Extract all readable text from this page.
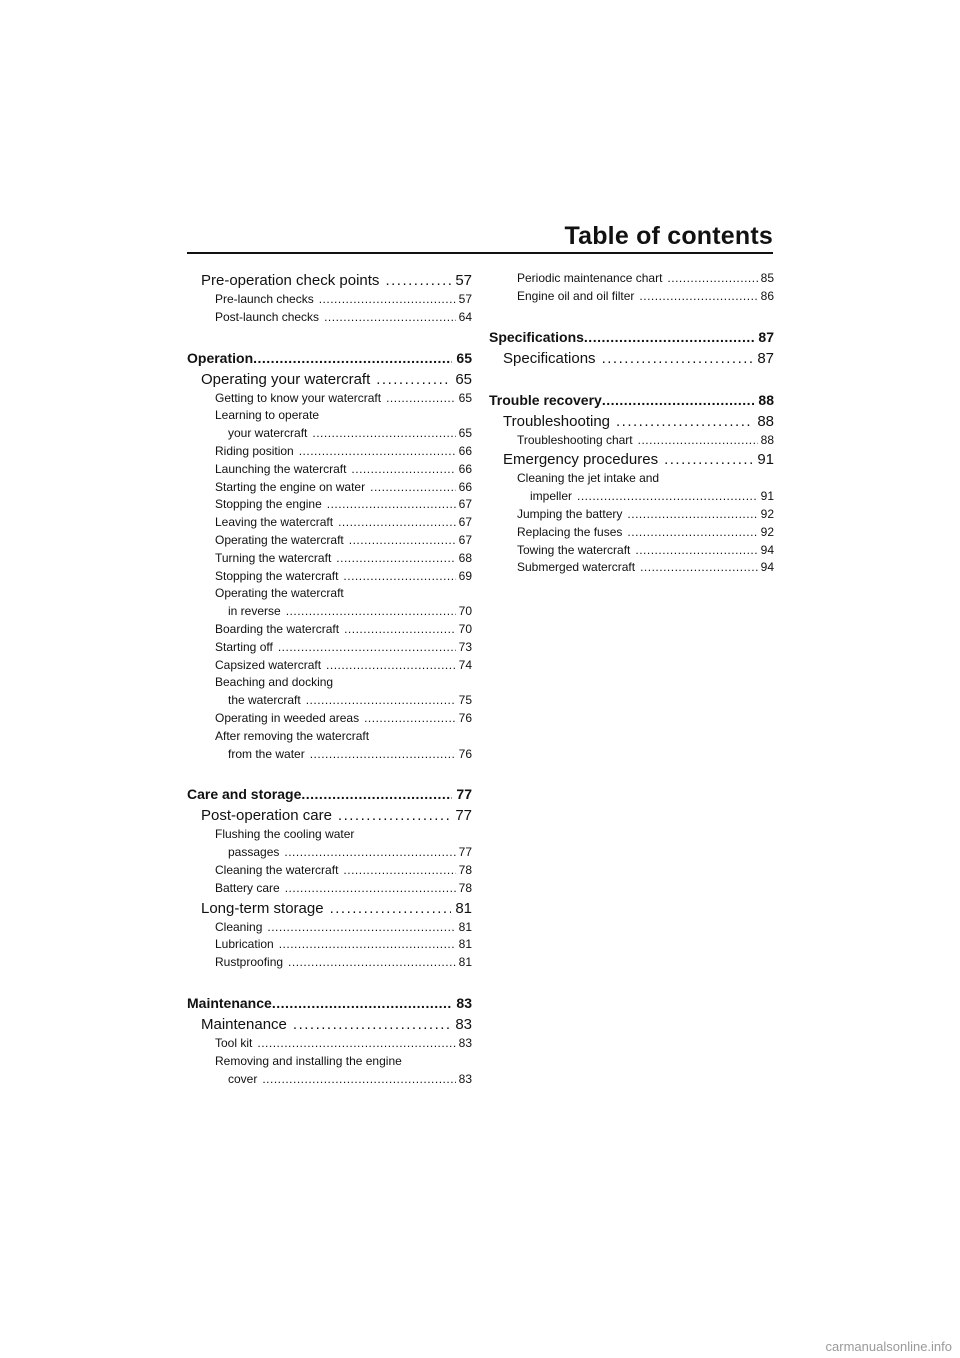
Table of contents
Pre-operation check points .....	57
Pre-launch checks .....	57
Post-launch checks .....	64
Operation .....	65
Operating your watercraft .....	65
Getting to know your watercraft .....	65
Learning to operate
your watercraft .....	65
Riding position .....	66
Launching the watercraft .....	66
Starting the engine on water .....	66
Stopping the engine .....	67
Leaving the watercraft .....	67
Operating the watercraft .....	67
Turning the watercraft .....	68
Stopping the watercraft .....	69
Operating the watercraft
in reverse .....	70
Boarding the watercraft .....	70
Starting off .....	73
Capsized watercraft .....	74
Beaching and docking
the watercraft .....	75
Operating in weeded areas .....	76
After removing the watercraft
from the water .....	76
Care and storage .....	77
Post-operation care .....	77
Flushing the cooling water
passages .....	77
Cleaning the watercraft .....	78
Battery care .....	78
Long-term storage .....	81
Cleaning .....	81
Lubrication .....	81
Rustproofing .....	81
Maintenance .....	83
Maintenance .....	83
Tool kit .....	83
Removing and installing the engine
cover .....	83
Periodic maintenance chart .....	85
Engine oil and oil filter .....	86
Specifications .....	87
Specifications .....	87
Trouble recovery .....	88
Troubleshooting .....	88
Troubleshooting chart .....	88
Emergency procedures .....	91
Cleaning the jet intake and
impeller .....	91
Jumping the battery .....	92
Replacing the fuses .....	92
Towing the watercraft .....	94
Submerged watercraft .....	94
carmanualsonline.info
